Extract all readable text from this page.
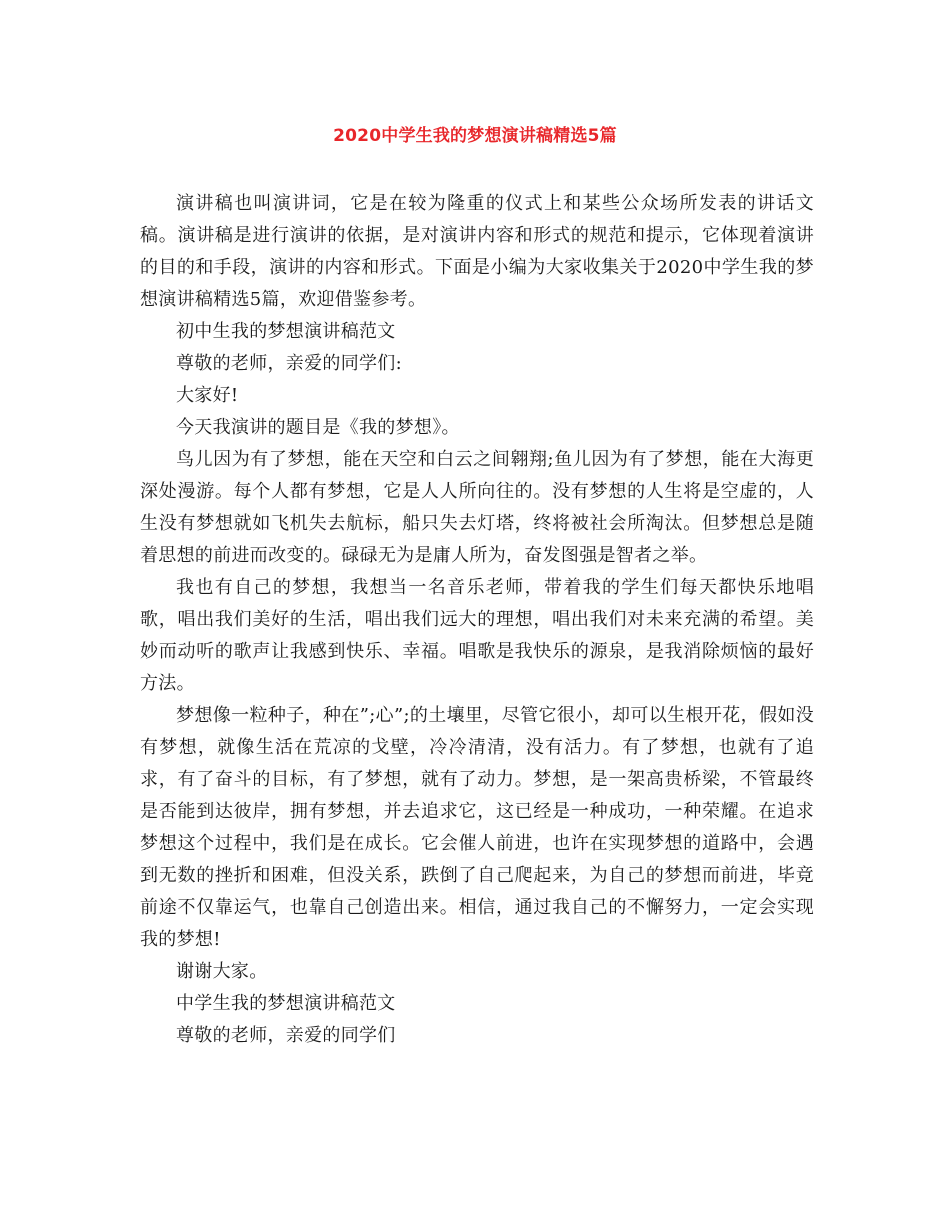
2020中学生我的梦想演讲稿精选5篇

演讲稿也叫演讲词，它是在较为隆重的仪式上和某些公众场所发表的讲话文稿。演讲稿是进行演讲的依据，是对演讲内容和形式的规范和提示，它体现着演讲的目的和手段，演讲的内容和形式。下面是小编为大家收集关于2020中学生我的梦想演讲稿精选5篇，欢迎借鉴参考。

初中生我的梦想演讲稿范文

尊敬的老师，亲爱的同学们:

大家好!

今天我演讲的题目是《我的梦想》。

鸟儿因为有了梦想，能在天空和白云之间翱翔;鱼儿因为有了梦想，能在大海更深处漫游。每个人都有梦想，它是人人所向往的。没有梦想的人生将是空虚的，人生没有梦想就如飞机失去航标，船只失去灯塔，终将被社会所淘汰。但梦想总是随着思想的前进而改变的。碌碌无为是庸人所为，奋发图强是智者之举。

我也有自己的梦想，我想当一名音乐老师，带着我的学生们每天都快乐地唱歌，唱出我们美好的生活，唱出我们远大的理想，唱出我们对未来充满的希望。美妙而动听的歌声让我感到快乐、幸福。唱歌是我快乐的源泉，是我消除烦恼的最好方法。

梦想像一粒种子，种在”;心”;的土壤里，尽管它很小，却可以生根开花，假如没有梦想，就像生活在荒凉的戈壁，冷冷清清，没有活力。有了梦想，也就有了追求，有了奋斗的目标，有了梦想，就有了动力。梦想，是一架高贵桥梁，不管最终是否能到达彼岸，拥有梦想，并去追求它，这已经是一种成功，一种荣耀。在追求梦想这个过程中，我们是在成长。它会催人前进，也许在实现梦想的道路中，会遇到无数的挫折和困难，但没关系，跌倒了自己爬起来，为自己的梦想而前进，毕竟前途不仅靠运气，也靠自己创造出来。相信，通过我自己的不懈努力，一定会实现我的梦想!

谢谢大家。

中学生我的梦想演讲稿范文

尊敬的老师，亲爱的同学们
